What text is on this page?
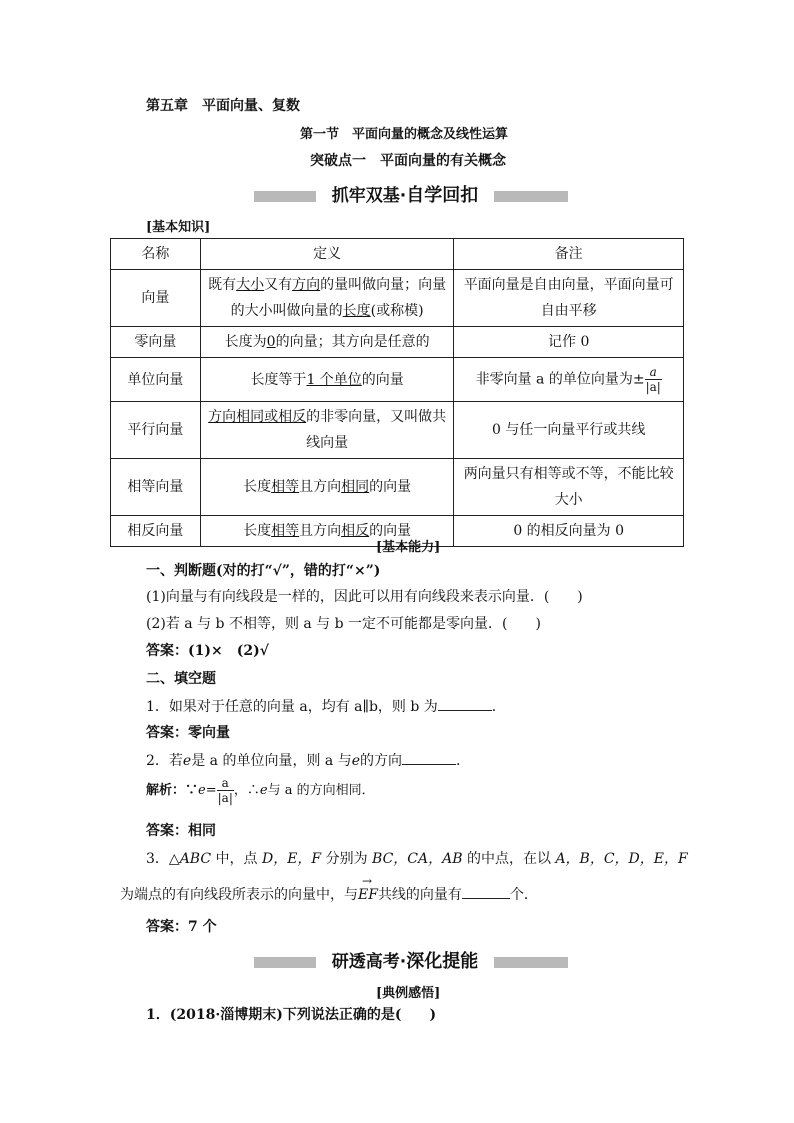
第五章　平面向量、复数
第一节　平面向量的概念及线性运算
突破点一　平面向量的有关概念
抓牢双基·自学回扣
[基本知识]
名称	定义	备注
向量	既有大小又有方向的量叫做向量；向量的大小叫做向量的长度(或称模)	平面向量是自由向量，平面向量可自由平移
零向量	长度为0的向量；其方向是任意的	记作 0
单位向量	长度等于1 个单位的向量	非零向量 a 的单位向量为± $\frac{a}{|a|}$

平行向量	方向相同或相反的非零向量，又叫做共线向量	0 与任一向量平行或共线
相等向量	长度相等且方向相同的向量	两向量只有相等或不等，不能比较大小
相反向量	长度相等且方向相反的向量	0 的相反向量为 0
[基本能力]
一、判断题(对的打“√”，错的打“×”)
(1)向量与有向线段是一样的，因此可以用有向线段来表示向量．(　　)
(2)若 a 与 b 不相等，则 a 与 b 一定不可能都是零向量．(　　)
答案：(1)×　(2)√
二、填空题
1．如果对于任意的向量 a，均有 a∥b，则 b 为	．
答案：零向量
2．若e是 a 的单位向量，则 a 与e的方向	．
解析：∵e= $\frac{a}{|a|}$ ，∴e与 a 的方向相同．
答案：相同
3．△ABC 中，点 D，E，F 分别为 BC，CA，AB 的中点，在以 A，B，C，D，E，F
为端点的有向线段所表示的向量中，与→ EF共线的向量有	个．
答案：7 个
研透高考·深化提能
[典例感悟]
1．(2018·淄博期末)下列说法正确的是(　　)
